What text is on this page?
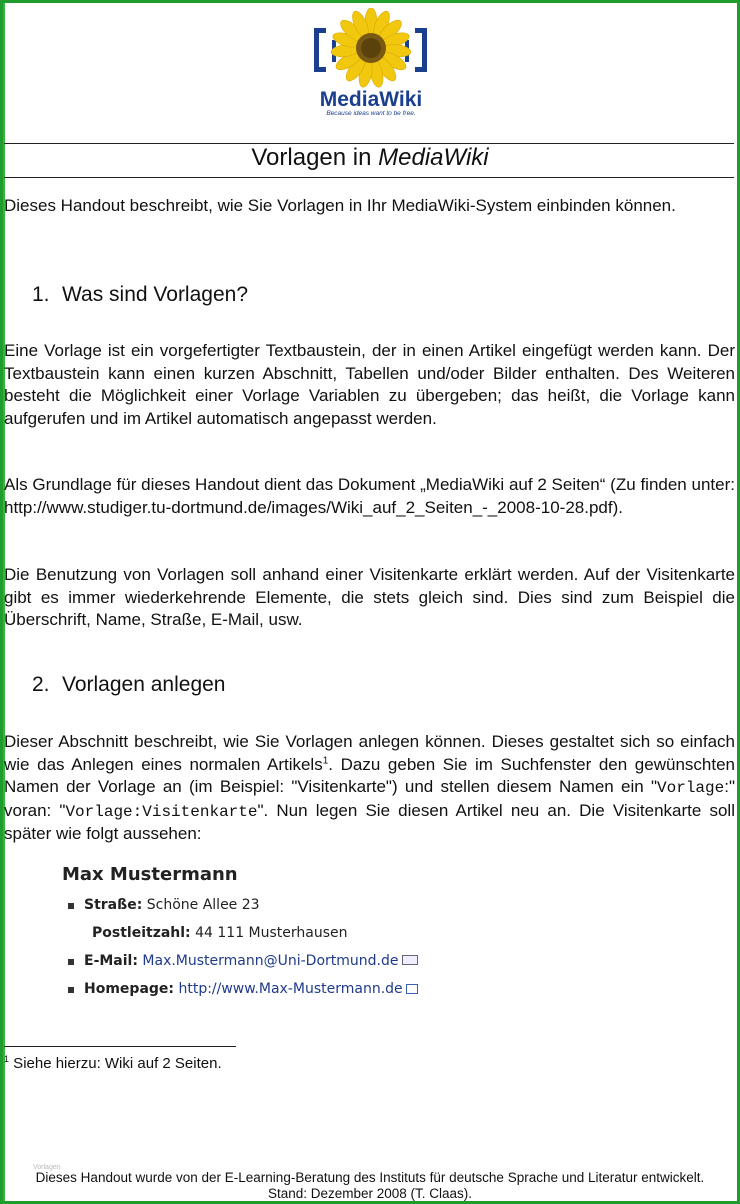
MediaWiki
Because ideas want to be free.
Vorlagen in MediaWiki
Dieses Handout beschreibt, wie Sie Vorlagen in Ihr MediaWiki-System einbinden können.
1. Was sind Vorlagen?
Eine Vorlage ist ein vorgefertigter Textbaustein, der in einen Artikel eingefügt werden kann. Der Textbaustein kann einen kurzen Abschnitt, Tabellen und/oder Bilder enthalten. Des Weiteren besteht die Möglichkeit einer Vorlage Variablen zu übergeben; das heißt, die Vorlage kann aufgerufen und im Artikel automatisch angepasst werden.
Als Grundlage für dieses Handout dient das Dokument „MediaWiki auf 2 Seiten“ (Zu finden unter: http://www.studiger.tu-dortmund.de/images/Wiki_auf_2_Seiten_-_2008-10-28.pdf).
Die Benutzung von Vorlagen soll anhand einer Visitenkarte erklärt werden. Auf der Visitenkarte gibt es immer wiederkehrende Elemente, die stets gleich sind. Dies sind zum Beispiel die Überschrift, Name, Straße, E-Mail, usw.
2. Vorlagen anlegen
Dieser Abschnitt beschreibt, wie Sie Vorlagen anlegen können. Dieses gestaltet sich so einfach wie das Anlegen eines normalen Artikels$^1$. Dazu geben Sie im Suchfenster den gewünschten Namen der Vorlage an (im Beispiel: "Visitenkarte") und stellen diesem Namen ein "Vorlage:" voran: "Vorlage:Visitenkarte". Nun legen Sie diesen Artikel neu an. Die Visitenkarte soll später wie folgt aussehen:
Max Mustermann
Straße: Schöne Allee 23
Postleitzahl: 44 111 Musterhausen
E-Mail: Max.Mustermann@Uni-Dortmund.de
Homepage: http://www.Max-Mustermann.de
$^1$ Siehe hierzu: Wiki auf 2 Seiten.
Vorlagen
Dieses Handout wurde von der E-Learning-Beratung des Instituts für deutsche Sprache und Literatur entwickelt.
Stand: Dezember 2008 (T. Claas).
